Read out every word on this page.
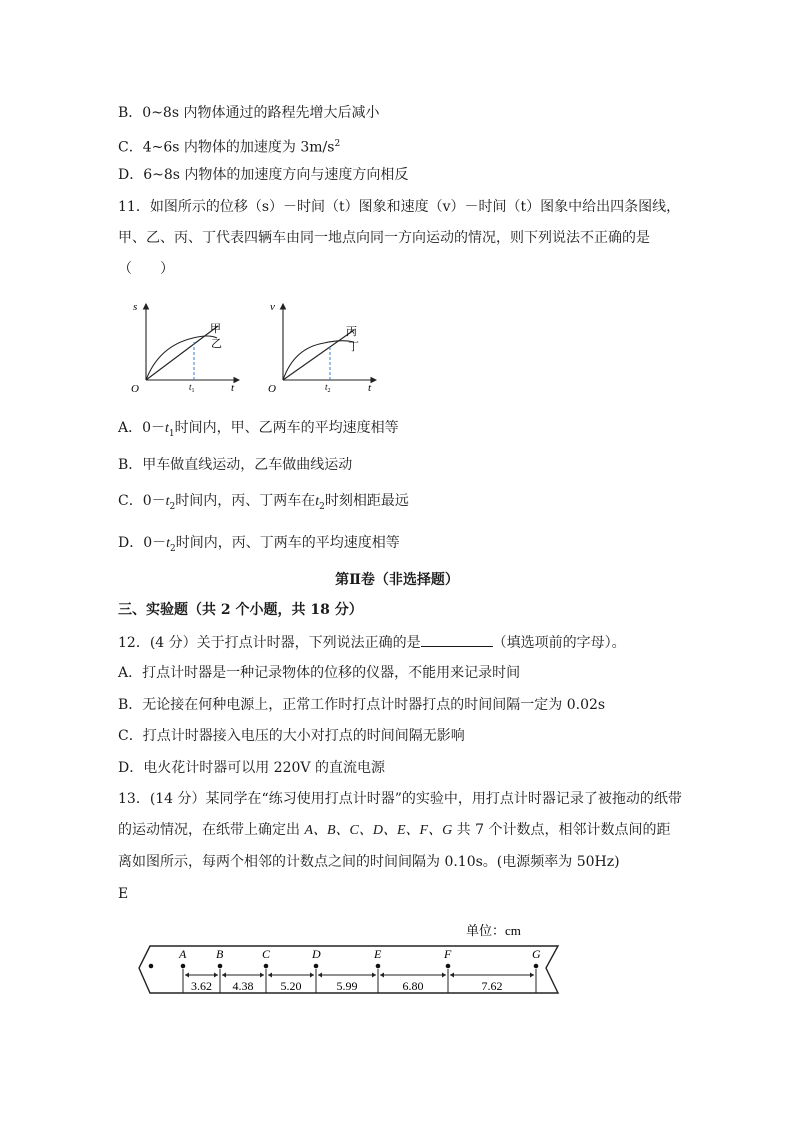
B．0~8s 内物体通过的路程先增大后减小
C．4~6s 内物体的加速度为 $3m/s^2$
D．6~8s 内物体的加速度方向与速度方向相反
11．如图所示的位移（s）－时间（t）图象和速度（v）－时间（t）图象中给出四条图线，
甲、乙、丙、丁代表四辆车由同一地点向同一方向运动的情况，则下列说法不正确的是
（　　）
s
t
O	$t_1$
甲
乙
v
t
O	$t_2$
丙
丁
A．$0-t_1$时间内，甲、乙两车的平均速度相等
B．甲车做直线运动，乙车做曲线运动
C．$0-t_2$时间内，丙、丁两车在$t_2$时刻相距最远
D．$0-t_2$时间内，丙、丁两车的平均速度相等
第Ⅱ卷（非选择题）
三、实验题（共 2 个小题，共 18 分）
12．(4 分）关于打点计时器，下列说法正确的是	（填选项前的字母）。
A．打点计时器是一种记录物体的位移的仪器，不能用来记录时间
B．无论接在何种电源上，正常工作时打点计时器打点的时间间隔一定为 0.02s
C．打点计时器接入电压的大小对打点的时间间隔无影响
D．电火花计时器可以用 220V 的直流电源
13．(14 分）某同学在“练习使用打点计时器”的实验中，用打点计时器记录了被拖动的纸带
的运动情况，在纸带上确定出 A、B、C、D、E、F、G 共 7 个计数点，相邻计数点间的距
离如图所示，每两个相邻的计数点之间的时间间隔为 0.10s。(电源频率为 50Hz)
E
单位：cm
A B	C	D	E	F	G
3.62 4.38 5.20	5.99	6.80	7.62
